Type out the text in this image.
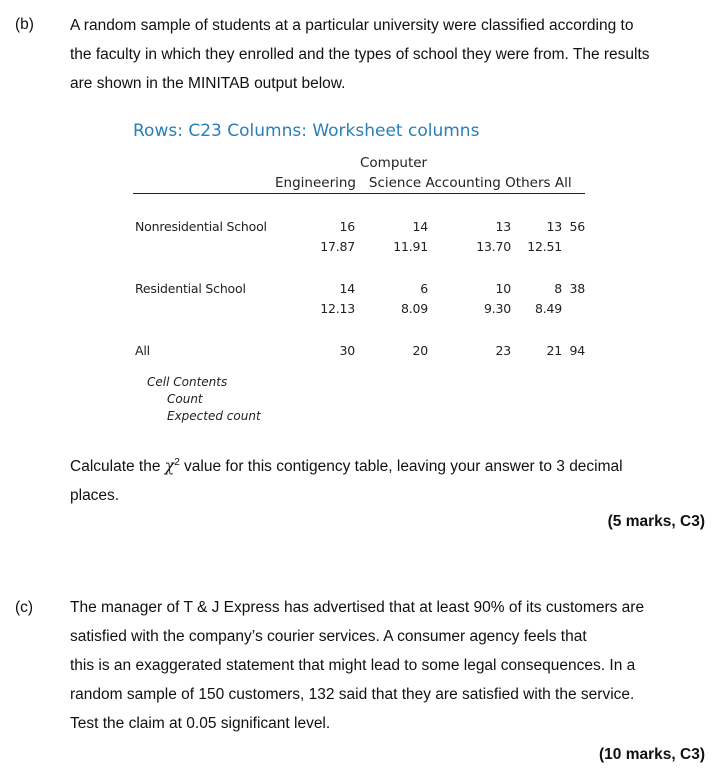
(b) A random sample of students at a particular university were classified according to
the faculty in which they enrolled and the types of school they were from. The results
are shown in the MINITAB output below.
Rows: C23 Columns: Worksheet columns
Computer
Engineering   Science Accounting Others All
Nonresidential School	16	14	13	13 56
17.87	11.91	13.70	12.51
Residential School	14	6	10	8 38
12.13	8.09	9.30	8.49
All	30	20	23	21 94
Cell Contents
Count
Expected count
Calculate the $\chi^2$ value for this contigency table, leaving your answer to 3 decimal
places.
(5 marks, C3)
(c) The manager of T & J Express has advertised that at least 90% of its customers are
satisfied with the company’s courier services. A consumer agency feels that
this is an exaggerated statement that might lead to some legal consequences. In a
random sample of 150 customers, 132 said that they are satisfied with the service.
Test the claim at 0.05 significant level.
(10 marks, C3)
